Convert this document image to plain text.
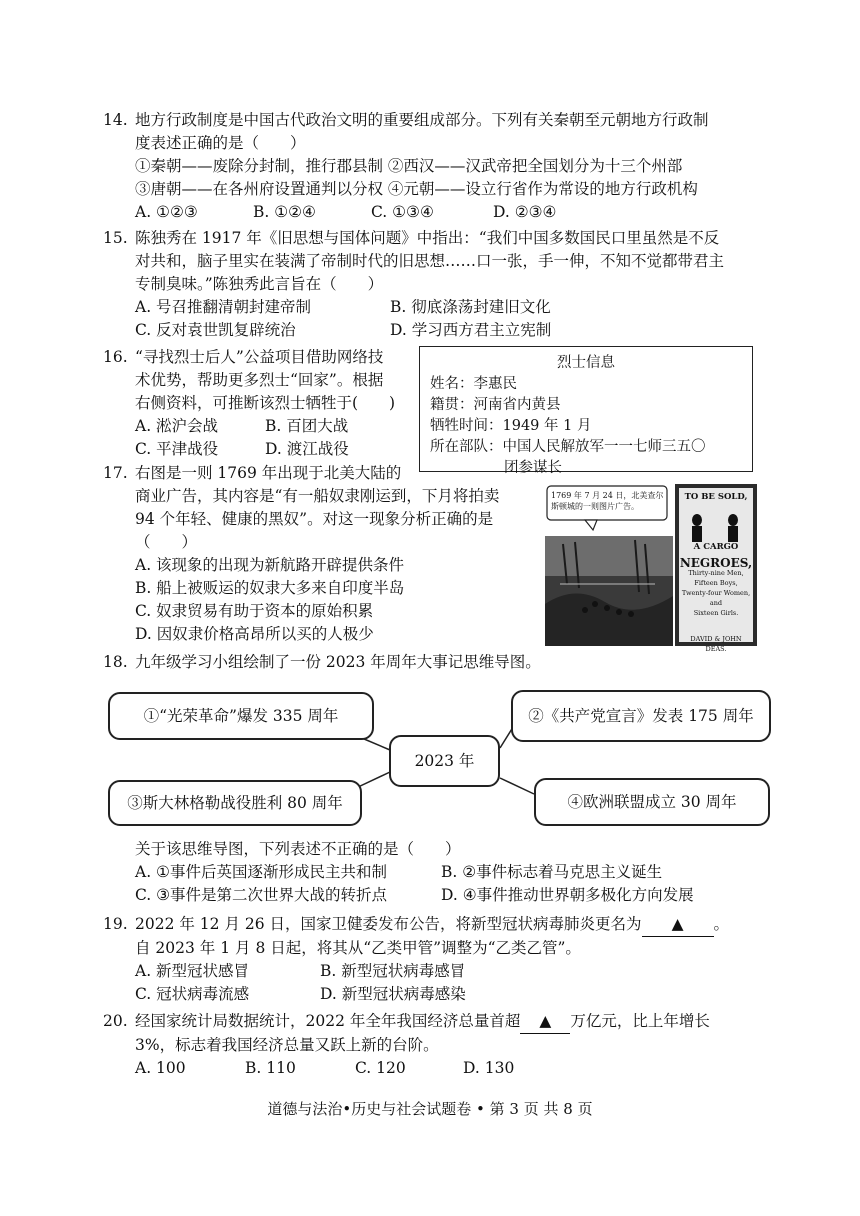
14. 地方行政制度是中国古代政治文明的重要组成部分。下列有关秦朝至元朝地方行政制
度表述正确的是（　　）
①秦朝——废除分封制，推行郡县制 ②西汉——汉武帝把全国划分为十三个州部
③唐朝——在各州府设置通判以分权 ④元朝——设立行省作为常设的地方行政机构
A. ①②③	B. ①②④	C. ①③④	D. ②③④
15. 陈独秀在 1917 年《旧思想与国体问题》中指出：“我们中国多数国民口里虽然是不反
对共和，脑子里实在装满了帝制时代的旧思想……口一张，手一伸，不知不觉都带君主
专制臭味。”陈独秀此言旨在（　　）
A. 号召推翻清朝封建帝制	B. 彻底涤荡封建旧文化
C. 反对袁世凯复辟统治	D. 学习西方君主立宪制
16. “寻找烈士后人”公益项目借助网络技
术优势，帮助更多烈士“回家”。根据
右侧资料，可推断该烈士牺牲于(　　)
A. 淞沪会战	B. 百团大战
C. 平津战役	D. 渡江战役
烈士信息
姓名：李惠民
籍贯：河南省内黄县
牺牲时间：1949 年 1 月
所在部队：中国人民解放军一一七师三五〇
团参谋长
17. 右图是一则 1769 年出现于北美大陆的
商业广告，其内容是“有一船奴隶刚运到，下月将拍卖
94 个年轻、健康的黑奴”。对这一现象分析正确的是
（　　）
A. 该现象的出现为新航路开辟提供条件
B. 船上被贩运的奴隶大多来自印度半岛
C. 奴隶贸易有助于资本的原始积累
D. 因奴隶价格高昂所以买的人极少
1769 年 7 月 24 日，北美查尔斯顿城的一则图片广告。
TO BE SOLD,
A CARGO
NEGROES,
Thirty-nine Men, Fifteen Boys,
Twenty-four Women, and
Sixteen Girls.
DAVID & JOHN DEAS.
18. 九年级学习小组绘制了一份 2023 年周年大事记思维导图。
①“光荣革命”爆发 335 周年	②《共产党宣言》发表 175 周年
2023 年
③斯大林格勒战役胜利 80 周年	④欧洲联盟成立 30 周年
关于该思维导图，下列表述不正确的是（　　）
A. ①事件后英国逐渐形成民主共和制	B. ②事件标志着马克思主义诞生
C. ③事件是第二次世界大战的转折点	D. ④事件推动世界朝多极化方向发展
19. 2022 年 12 月 26 日，国家卫健委发布公告，将新型冠状病毒肺炎更名为 ▲ 。
自 2023 年 1 月 8 日起，将其从“乙类甲管”调整为“乙类乙管”。
A. 新型冠状感冒	B. 新型冠状病毒感冒
C. 冠状病毒流感	D. 新型冠状病毒感染
20. 经国家统计局数据统计，2022 年全年我国经济总量首超 ▲ 万亿元，比上年增长
3%，标志着我国经济总量又跃上新的台阶。
A. 100	B. 110	C. 120	D. 130
道德与法治•历史与社会试题卷 • 第 3 页 共 8 页
